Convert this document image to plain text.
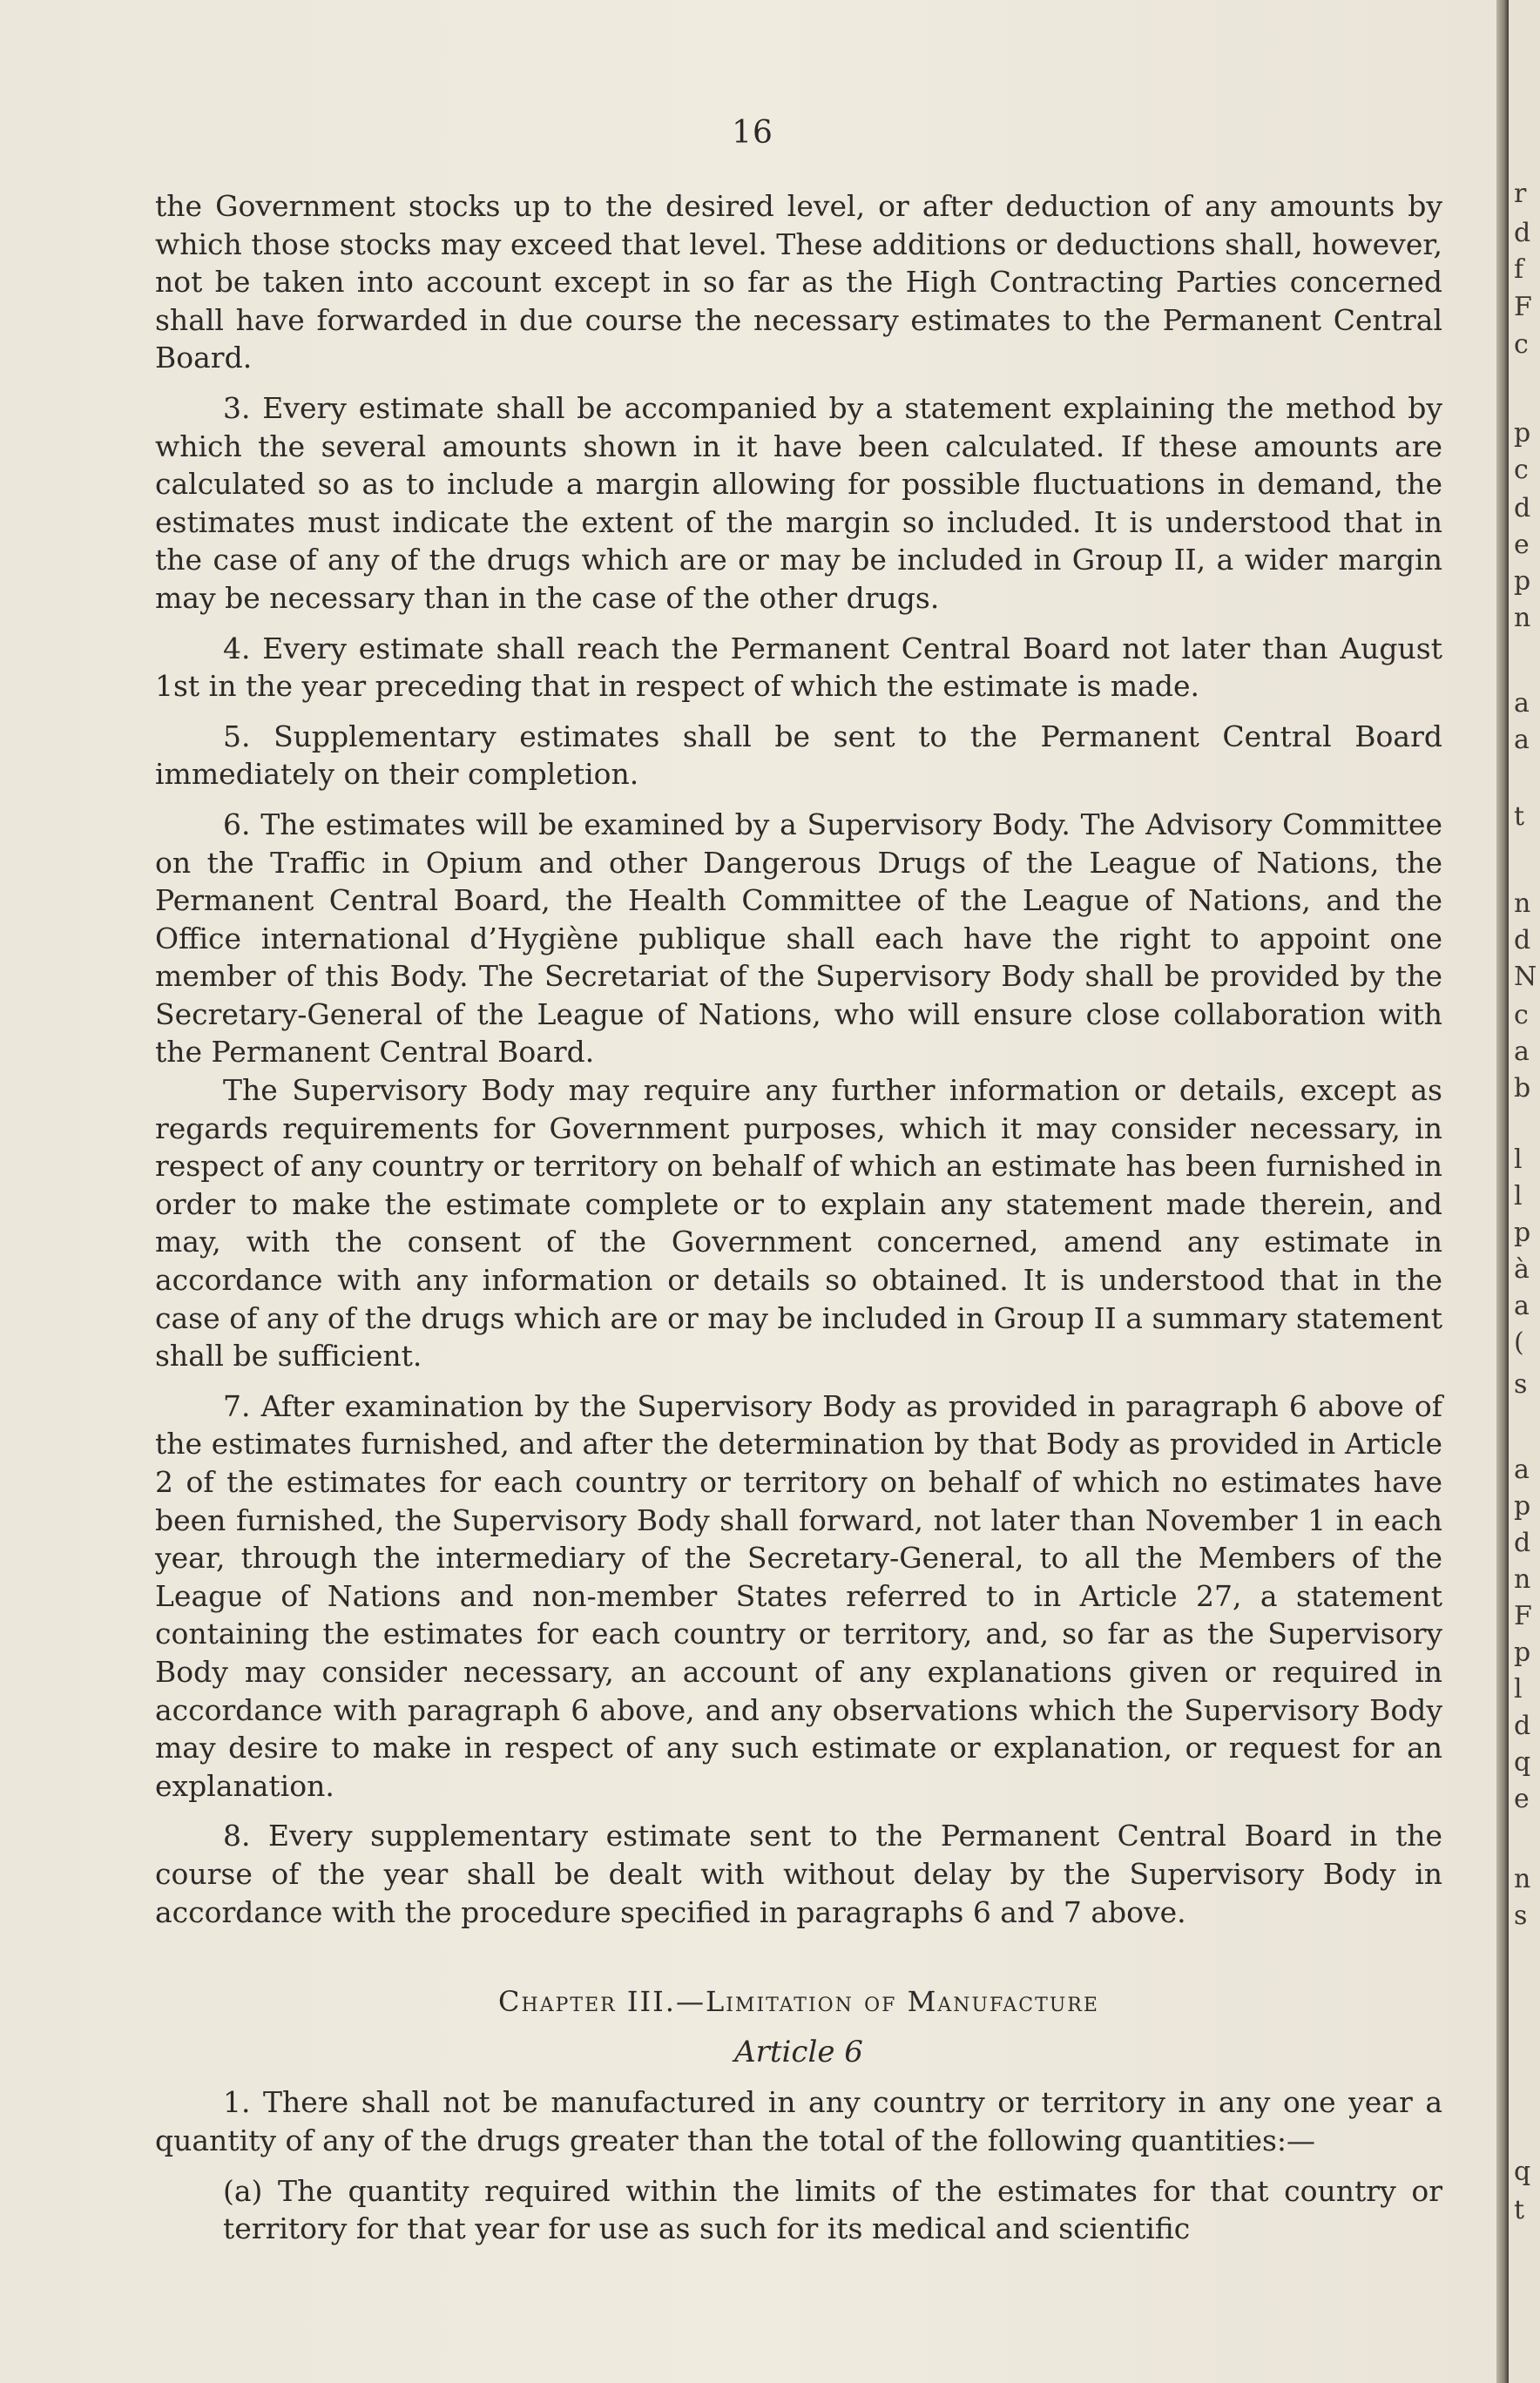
16

the Government stocks up to the desired level, or after deduction of any amounts by which those stocks may exceed that level. These additions or deductions shall, however, not be taken into account except in so far as the High Contracting Parties concerned shall have forwarded in due course the necessary estimates to the Permanent Central Board.

3. Every estimate shall be accompanied by a statement explaining the method by which the several amounts shown in it have been calculated. If these amounts are calculated so as to include a margin allowing for possible fluctuations in demand, the estimates must indicate the extent of the margin so included. It is understood that in the case of any of the drugs which are or may be included in Group II, a wider margin may be necessary than in the case of the other drugs.

4. Every estimate shall reach the Permanent Central Board not later than August 1st in the year preceding that in respect of which the estimate is made.

5. Supplementary estimates shall be sent to the Permanent Central Board immediately on their completion.

6. The estimates will be examined by a Supervisory Body. The Advisory Committee on the Traffic in Opium and other Dangerous Drugs of the League of Nations, the Permanent Central Board, the Health Committee of the League of Nations, and the Office international d’Hygiène publique shall each have the right to appoint one member of this Body. The Secretariat of the Supervisory Body shall be provided by the Secretary-General of the League of Nations, who will ensure close collaboration with the Permanent Central Board.

The Supervisory Body may require any further information or details, except as regards requirements for Government purposes, which it may consider necessary, in respect of any country or territory on behalf of which an estimate has been furnished in order to make the estimate complete or to explain any statement made therein, and may, with the consent of the Government concerned, amend any estimate in accordance with any information or details so obtained. It is understood that in the case of any of the drugs which are or may be included in Group II a summary statement shall be sufficient.

7. After examination by the Supervisory Body as provided in paragraph 6 above of the estimates furnished, and after the determination by that Body as provided in Article 2 of the estimates for each country or territory on behalf of which no estimates have been furnished, the Supervisory Body shall forward, not later than November 1 in each year, through the intermediary of the Secretary-General, to all the Members of the League of Nations and non-member States referred to in Article 27, a statement containing the estimates for each country or territory, and, so far as the Supervisory Body may consider necessary, an account of any explanations given or required in accordance with paragraph 6 above, and any observations which the Supervisory Body may desire to make in respect of any such estimate or explanation, or request for an explanation.

8. Every supplementary estimate sent to the Permanent Central Board in the course of the year shall be dealt with without delay by the Supervisory Body in accordance with the procedure specified in paragraphs 6 and 7 above.

Chapter III.—Limitation of Manufacture

Article 6

1. There shall not be manufactured in any country or territory in any one year a quantity of any of the drugs greater than the total of the following quantities:—

(a) The quantity required within the limits of the estimates for that country or territory for that year for use as such for its medical and scientific

r
d
f
F
c
p
c
d
e
p
n
a
a
t
n
d
N
c
a
b
l
l
p
à
a
(
s
a
p
d
n
F
p
l
d
q
e
n
s
q
t
